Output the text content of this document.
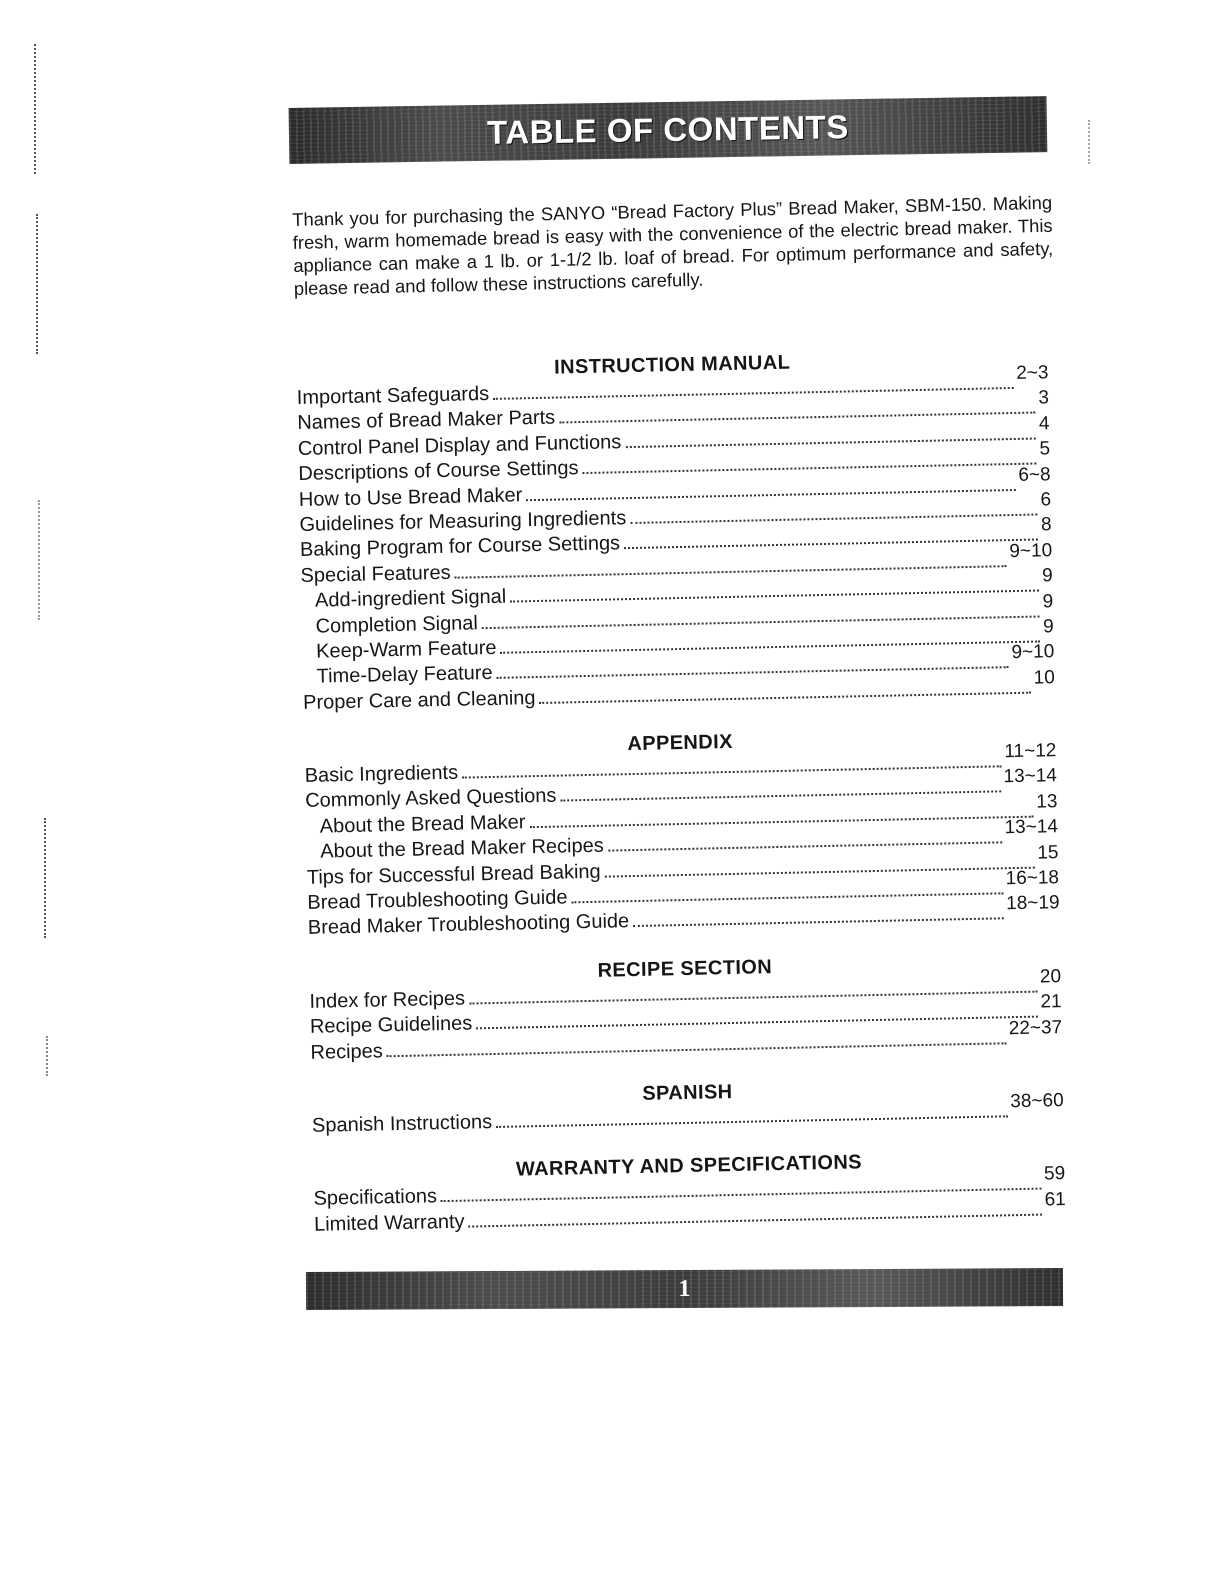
TABLE OF CONTENTS

Thank you for purchasing the SANYO “Bread Factory Plus” Bread Maker, SBM-150. Making fresh, warm homemade bread is easy with the convenience of the electric bread maker. This appliance can make a 1 lb. or 1-1/2 lb. loaf of bread. For optimum performance and safety, please read and follow these instructions carefully.

INSTRUCTION MANUAL
Important Safeguards
2~3
Names of Bread Maker Parts
3
Control Panel Display and Functions
4
Descriptions of Course Settings
5
How to Use Bread Maker
6~8
Guidelines for Measuring Ingredients
6
Baking Program for Course Settings
8
Special Features
9~10
Add-ingredient Signal
9
Completion Signal
9
Keep-Warm Feature
9
Time-Delay Feature
9~10
Proper Care and Cleaning
10
APPENDIX
Basic Ingredients
11~12
Commonly Asked Questions
13~14
About the Bread Maker
13
About the Bread Maker Recipes
13~14
Tips for Successful Bread Baking
15
Bread Troubleshooting Guide
16~18
Bread Maker Troubleshooting Guide
18~19
RECIPE SECTION
Index for Recipes
20
Recipe Guidelines
21
Recipes
22~37
SPANISH
Spanish Instructions
38~60
WARRANTY AND SPECIFICATIONS
Specifications
59
Limited Warranty
61
1
